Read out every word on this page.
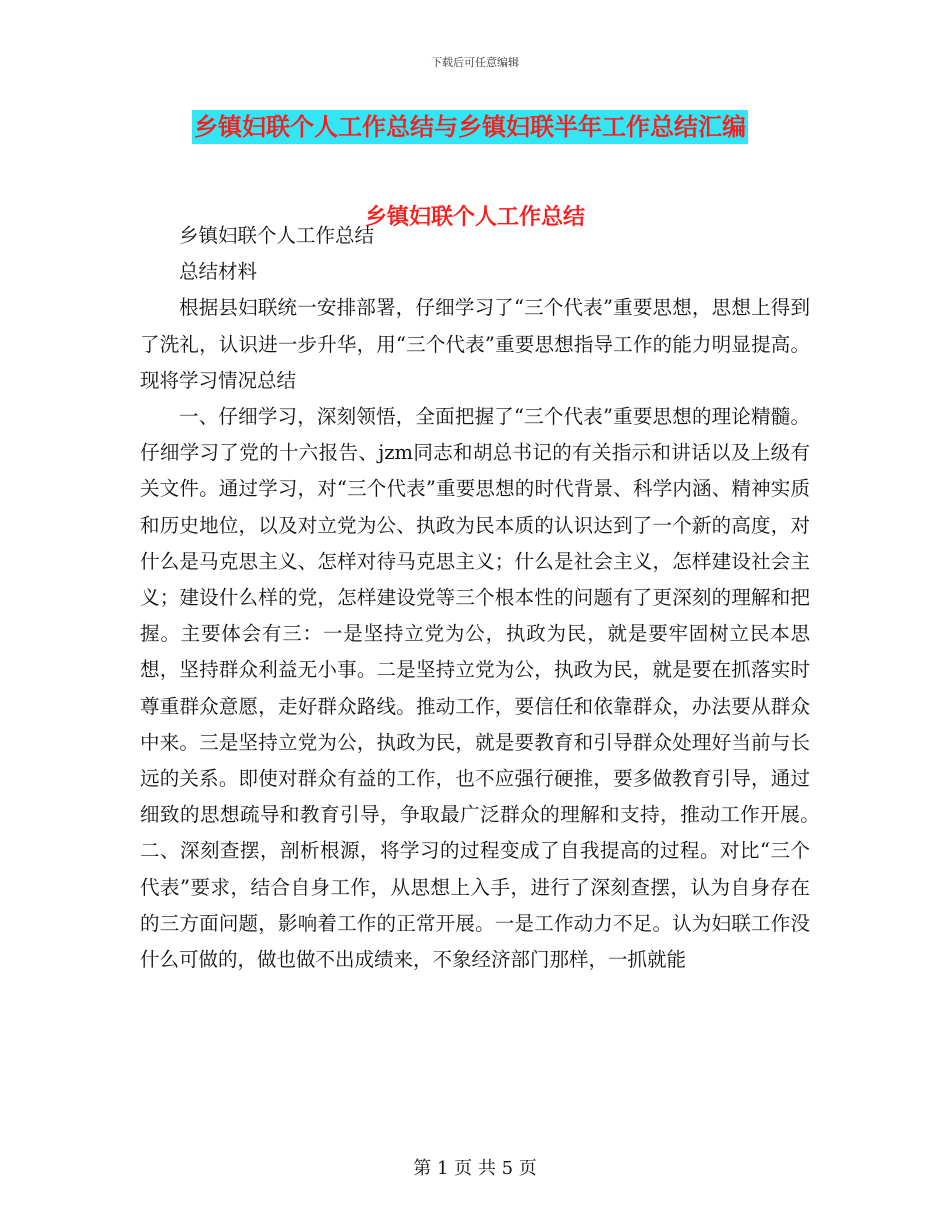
下载后可任意编辑
乡镇妇联个人工作总结与乡镇妇联半年工作总结汇编
乡镇妇联个人工作总结

乡镇妇联个人工作总结

总结材料

根据县妇联统一安排部署，仔细学习了“三个代表”重要思想，思想上得到了洗礼，认识进一步升华，用“三个代表”重要思想指导工作的能力明显提高。现将学习情况总结

一、仔细学习，深刻领悟，全面把握了“三个代表”重要思想的理论精髓。仔细学习了党的十六报告、jzm同志和胡总书记的有关指示和讲话以及上级有关文件。通过学习，对“三个代表”重要思想的时代背景、科学内涵、精神实质和历史地位，以及对立党为公、执政为民本质的认识达到了一个新的高度，对什么是马克思主义、怎样对待马克思主义；什么是社会主义，怎样建设社会主义；建设什么样的党，怎样建设党等三个根本性的问题有了更深刻的理解和把握。主要体会有三：一是坚持立党为公，执政为民，就是要牢固树立民本思想，坚持群众利益无小事。二是坚持立党为公，执政为民，就是要在抓落实时尊重群众意愿，走好群众路线。推动工作，要信任和依靠群众，办法要从群众中来。三是坚持立党为公，执政为民，就是要教育和引导群众处理好当前与长远的关系。即使对群众有益的工作，也不应强行硬推，要多做教育引导，通过细致的思想疏导和教育引导，争取最广泛群众的理解和支持，推动工作开展。　　　　　二、深刻查摆，剖析根源，将学习的过程变成了自我提高的过程。对比“三个代表”要求，结合自身工作，从思想上入手，进行了深刻查摆，认为自身存在的三方面问题，影响着工作的正常开展。一是工作动力不足。认为妇联工作没什么可做的，做也做不出成绩来，不象经济部门那样，一抓就能

第 1 页 共 5 页
